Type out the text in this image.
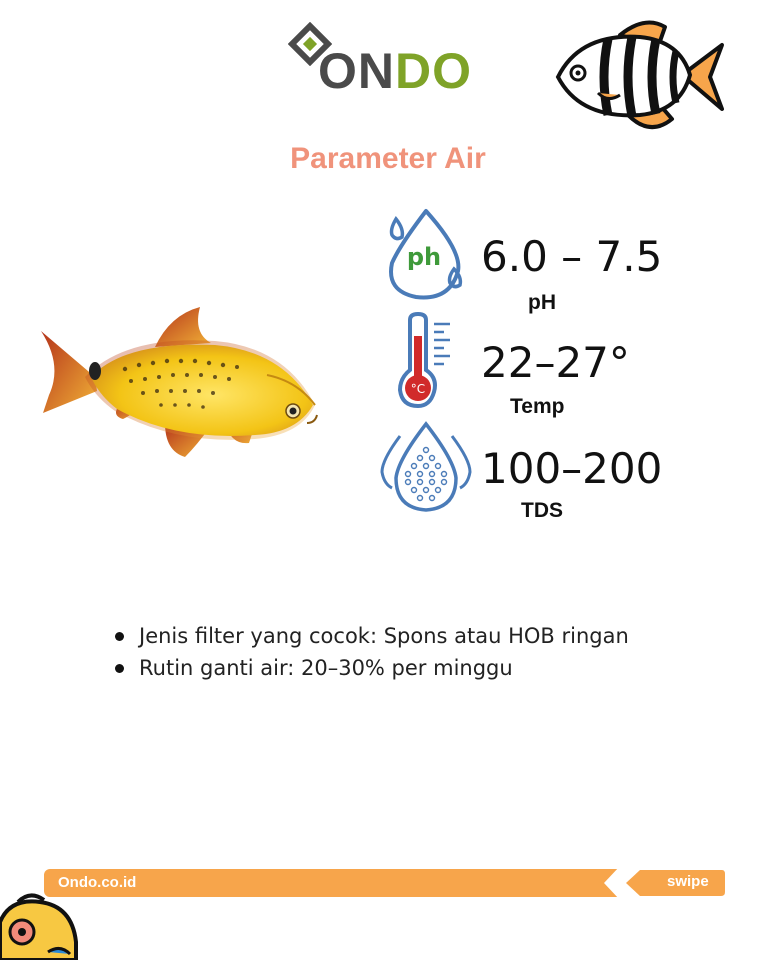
ONDO
Parameter Air
ph 6.0 – 7.5
pH
°C
22–27°
Temp
100–200
TDS
Jenis filter yang cocok: Spons atau HOB ringan
Rutin ganti air: 20–30% per minggu
Ondo.co.id	swipe
